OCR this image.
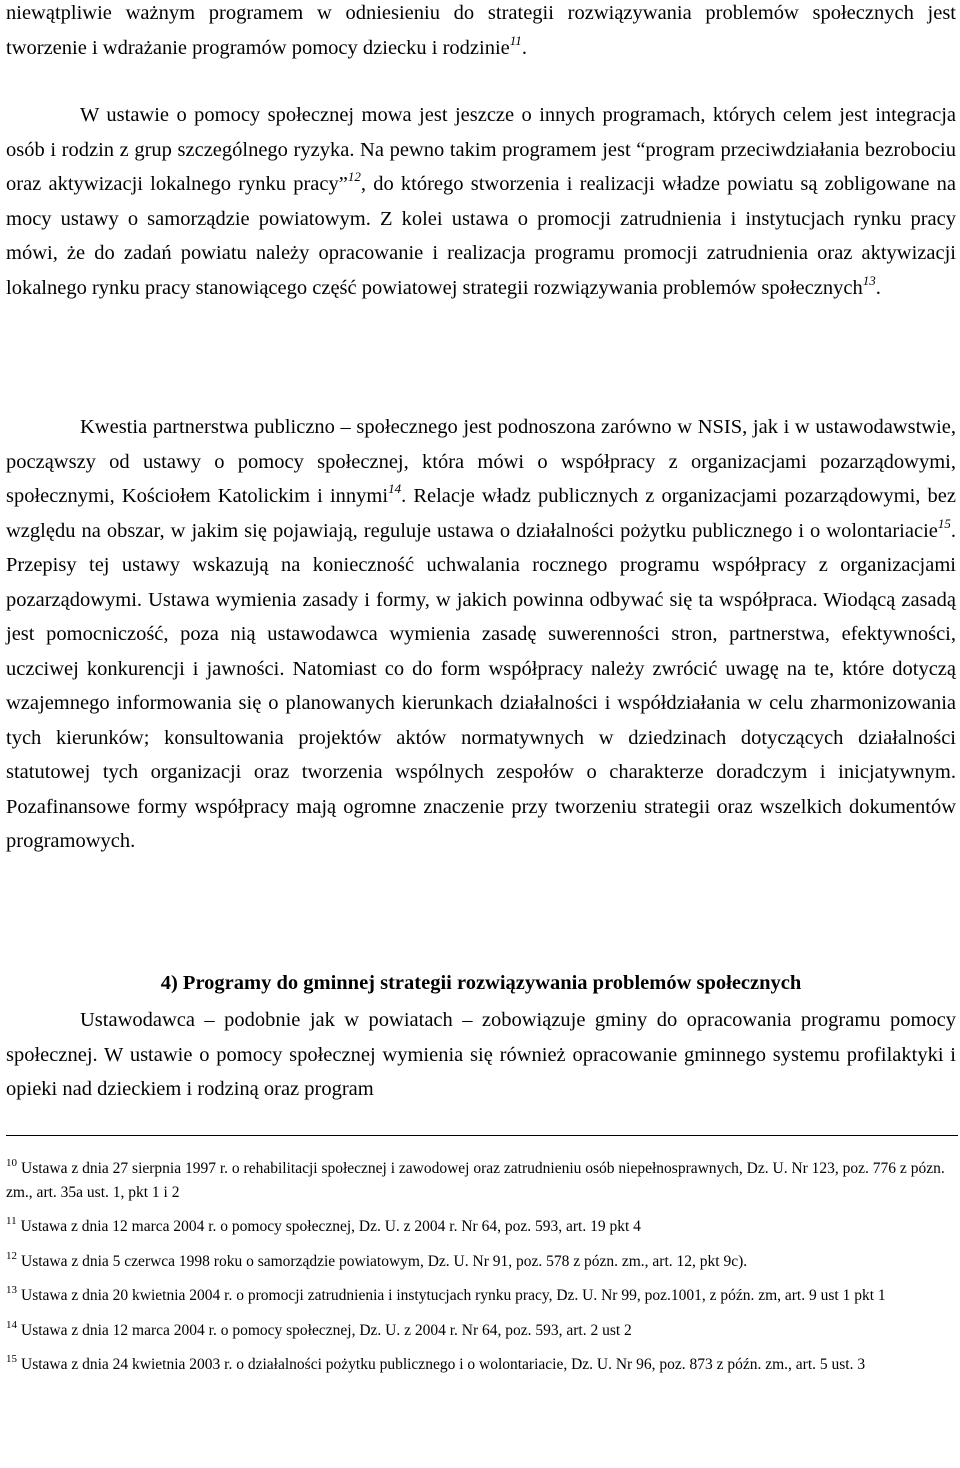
niewątpliwie ważnym programem w odniesieniu do strategii rozwiązywania problemów społecznych jest tworzenie i wdrażanie programów pomocy dziecku i rodzinie$^{11}$.

W ustawie o pomocy społecznej mowa jest jeszcze o innych programach, których celem jest integracja osób i rodzin z grup szczególnego ryzyka. Na pewno takim programem jest “program przeciwdziałania bezrobociu oraz aktywizacji lokalnego rynku pracy”$^{12}$, do którego stworzenia i realizacji władze powiatu są zobligowane na mocy ustawy o samorządzie powiatowym. Z kolei ustawa o promocji zatrudnienia i instytucjach rynku pracy mówi, że do zadań powiatu należy opracowanie i realizacja programu promocji zatrudnienia oraz aktywizacji lokalnego rynku pracy stanowiącego część powiatowej strategii rozwiązywania problemów społecznych$^{13}$.

Kwestia partnerstwa publiczno – społecznego jest podnoszona zarówno w NSIS, jak i w ustawodawstwie, począwszy od ustawy o pomocy społecznej, która mówi o współpracy z organizacjami pozarządowymi, społecznymi, Kościołem Katolickim i innymi$^{14}$. Relacje władz publicznych z organizacjami pozarządowymi, bez względu na obszar, w jakim się pojawiają, reguluje ustawa o działalności pożytku publicznego i o wolontariacie$^{15}$. Przepisy tej ustawy wskazują na konieczność uchwalania rocznego programu współpracy z organizacjami pozarządowymi. Ustawa wymienia zasady i formy, w jakich powinna odbywać się ta współpraca. Wiodącą zasadą jest pomocniczość, poza nią ustawodawca wymienia zasadę suwerenności stron, partnerstwa, efektywności, uczciwej konkurencji i jawności. Natomiast co do form współpracy należy zwrócić uwagę na te, które dotyczą wzajemnego informowania się o planowanych kierunkach działalności i współdziałania w celu zharmonizowania tych kierunków; konsultowania projektów aktów normatywnych w dziedzinach dotyczących działalności statutowej tych organizacji oraz tworzenia wspólnych zespołów o charakterze doradczym i inicjatywnym. Pozafinansowe formy współpracy mają ogromne znaczenie przy tworzeniu strategii oraz wszelkich dokumentów programowych.

4) Programy do gminnej strategii rozwiązywania problemów społecznych

Ustawodawca – podobnie jak w powiatach – zobowiązuje gminy do opracowania programu pomocy społecznej. W ustawie o pomocy społecznej wymienia się również opracowanie gminnego systemu profilaktyki i opieki nad dzieckiem i rodziną oraz program

$^{10}$ Ustawa z dnia 27 sierpnia 1997 r. o rehabilitacji społecznej i zawodowej oraz zatrudnieniu osób niepełnosprawnych, Dz. U. Nr 123, poz. 776 z pózn. zm., art. 35a ust. 1, pkt 1 i 2

$^{11}$ Ustawa z dnia 12 marca 2004 r. o pomocy społecznej, Dz. U. z 2004 r. Nr 64, poz. 593, art. 19 pkt 4

$^{12}$ Ustawa z dnia 5 czerwca 1998 roku o samorządzie powiatowym, Dz. U. Nr 91, poz. 578 z pózn. zm., art. 12, pkt 9c).

$^{13}$ Ustawa z dnia 20 kwietnia 2004 r. o promocji zatrudnienia i instytucjach rynku pracy, Dz. U. Nr 99, poz.1001, z późn. zm, art. 9 ust 1 pkt 1

$^{14}$ Ustawa z dnia 12 marca 2004 r. o pomocy społecznej, Dz. U. z 2004 r. Nr 64, poz. 593, art. 2 ust 2

$^{15}$ Ustawa z dnia 24 kwietnia 2003 r. o działalności pożytku publicznego i o wolontariacie, Dz. U. Nr 96, poz. 873 z późn. zm., art. 5 ust. 3
